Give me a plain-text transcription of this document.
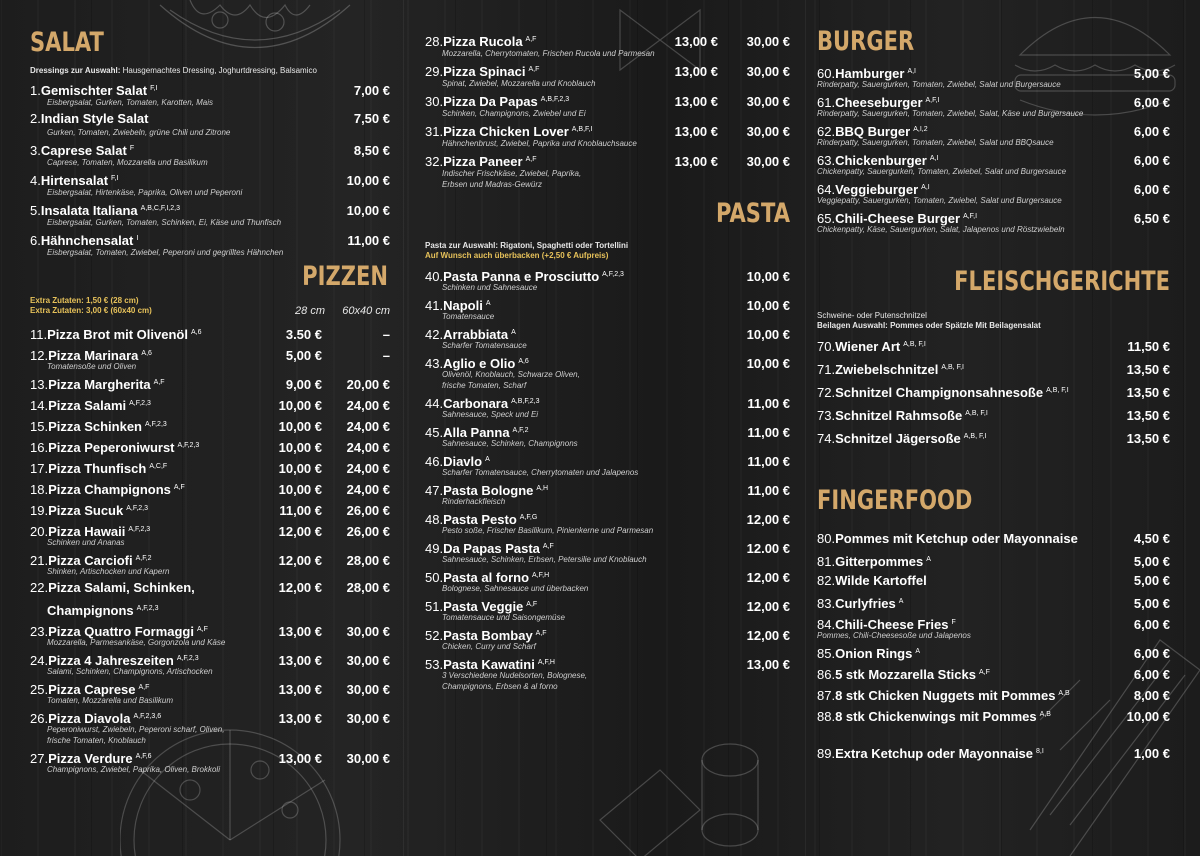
SALAT
Dressings zur Auswahl: Hausgemachtes Dressing, Joghurtdressing, Balsamico
1. Gemischter Salat $^{F,I}$	7,00 €
Eisbergsalat, Gurken, Tomaten, Karotten, Mais
2. Indian Style Salat	7,50 €
Gurken, Tomaten, Zwiebeln, grüne Chili und Zitrone
3. Caprese Salat $^F$	8,50 €
Caprese, Tomaten, Mozzarella und Basilikum
4. Hirtensalat $^{F,I}$	10,00 €
Eisbergsalat, Hirtenkäse, Paprika, Oliven und Peperoni
5. Insalata Italiana $^{A,B,C,F,I,2,3}$	10,00 €
Eisbergsalat, Gurken, Tomaten, Schinken, Ei, Käse und Thunfisch
6. Hähnchensalat $^I$	11,00 €
Eisbergsalat, Tomaten, Zwiebel, Peperoni und gegrilltes Hähnchen
PIZZEN
Extra Zutaten: 1,50 € (28 cm)
Extra Zutaten: 3,00 € (60x40 cm)	28 cm	60x40 cm
11. Pizza Brot mit Olivenöl $^{A,6}$	3.50 €	–
12. Pizza Marinara $^{A,6}$	5,00 €	–
Tomatensoße und Oliven
13. Pizza Margherita $^{A,F}$	9,00 €	20,00 €
14. Pizza Salami $^{A,F,2,3}$	10,00 €	24,00 €
15. Pizza Schinken $^{A,F,2,3}$	10,00 €	24,00 €
16. Pizza Peperoniwurst $^{A,F,2,3}$	10,00 €	24,00 €
17. Pizza Thunfisch $^{A,C,F}$	10,00 €	24,00 €
18. Pizza Champignons $^{A,F}$	10,00 €	24,00 €
19. Pizza Sucuk $^{A,F,2,3}$	11,00 €	26,00 €
20. Pizza Hawaii $^{A,F,2,3}$	12,00 €	26,00 €
Schinken und Ananas
21. Pizza Carciofi $^{A,F,2}$	12,00 €	28,00 €
Shinken, Artischocken und Kapern
22. Pizza Salami, Schinken,	12,00 €	28,00 €
Champignons $^{A,F,2,3}$
23. Pizza Quattro Formaggi $^{A,F}$	13,00 €	30,00 €
Mozzarella, Parmesankäse, Gorgonzola und Käse
24. Pizza 4 Jahreszeiten $^{A,F,2,3}$	13,00 €	30,00 €
Salami, Schinken, Champignons, Artischocken
25. Pizza Caprese $^{A,F}$	13,00 €	30,00 €
Tomaten, Mozzarella und Basilikum
26. Pizza Diavola $^{A,F,2,3,6}$	13,00 €	30,00 €
Peperoniwurst, Zwiebeln, Peperoni scharf, Oliven,
frische Tomaten, Knoblauch
27. Pizza Verdure $^{A,F,6}$	13,00 €	30,00 €
Champignons, Zwiebel, Paprika, Oliven, Brokkoli
28. Pizza Rucola $^{A,F}$	13,00 €	30,00 €
Mozzarella, Cherrytomaten, Frischen Rucola und Parmesan
29. Pizza Spinaci $^{A,F}$	13,00 €	30,00 €
Spinat, Zwiebel, Mozzarella und Knoblauch
30. Pizza Da Papas $^{A,B,F,2,3}$	13,00 €	30,00 €
Schinken, Champignons, Zwiebel und Ei
31. Pizza Chicken Lover $^{A,B,F,I}$	13,00 €	30,00 €
Hähnchenbrust, Zwiebel, Paprika und Knoblauchsauce
32. Pizza Paneer $^{A,F}$	13,00 €	30,00 €
Indischer Frischkäse, Zwiebel, Paprika,
Erbsen und Madras-Gewürz
PASTA
Pasta zur Auswahl: Rigatoni, Spaghetti oder Tortellini
Auf Wunsch auch überbacken (+2,50 € Aufpreis)
40. Pasta Panna e Prosciutto $^{A,F,2,3}$	10,00 €
Schinken und Sahnesauce
41. Napoli $^A$	10,00 €
Tomatensauce
42. Arrabbiata $^A$	10,00 €
Scharfer Tomatensauce
43. Aglio e Olio $^{A,6}$	10,00 €
Olivenöl, Knoblauch, Schwarze Oliven,
frische Tomaten, Scharf
44. Carbonara $^{A,B,F,2,3}$	11,00 €
Sahnesauce, Speck und Ei
45. Alla Panna $^{A,F,2}$	11,00 €
Sahnesauce, Schinken, Champignons
46. Diavlo $^A$	11,00 €
Scharfer Tomatensauce, Cherrytomaten und Jalapenos
47. Pasta Bologne $^{A,H}$	11,00 €
Rinderhackfleisch
48. Pasta Pesto $^{A,F,G}$	12,00 €
Pesto soße, Frischer Basilikum, Pinienkerne und Parmesan
49. Da Papas Pasta $^{A,F}$	12.00 €
Sahnesauce, Schinken, Erbsen, Petersilie und Knoblauch
50. Pasta al forno $^{A,F,H}$	12,00 €
Bolognese, Sahnesauce und überbacken
51. Pasta Veggie $^{A,F}$	12,00 €
Tomatensauce und Saisongemüse
52. Pasta Bombay $^{A,F}$	12,00 €
Chicken, Curry und Scharf
53. Pasta Kawatini $^{A,F,H}$	13,00 €
3 Verschiedene Nudelsorten, Bolognese,
Champignons, Erbsen & al forno
BURGER
60. Hamburger $^{A,I}$	5,00 €
Rinderpatty, Sauergurken, Tomaten, Zwiebel, Salat und Burgersauce
61. Cheeseburger $^{A,F,I}$	6,00 €
Rinderpatty, Sauergurken, Tomaten, Zwiebel, Salat, Käse und Burgersauce
62. BBQ Burger $^{A,I,2}$	6,00 €
Rinderpatty, Sauergurken, Tomaten, Zwiebel, Salat und BBQsauce
63. Chickenburger $^{A,I}$	6,00 €
Chickenpatty, Sauergurken, Tomaten, Zwiebel, Salat und Burgersauce
64. Veggieburger $^{A,I}$	6,00 €
Veggiepatty, Sauergurken, Tomaten, Zwiebel, Salat und Burgersauce
65. Chili-Cheese Burger $^{A,F,I}$	6,50 €
Chickenpatty, Käse, Sauergurken, Salat, Jalapenos und Röstzwiebeln
FLEISCHGERICHTE
Schweine- oder Putenschnitzel
Beilagen Auswahl: Pommes oder Spätzle Mit Beilagensalat
70. Wiener Art $^{A,B, F,I}$	11,50 €
71. Zwiebelschnitzel $^{A,B, F,I}$	13,50 €
72. Schnitzel Champignonsahnesoße $^{A,B, F,I}$	13,50 €
73. Schnitzel Rahmsoße $^{A,B, F,I}$	13,50 €
74. Schnitzel Jägersoße $^{A,B, F,I}$	13,50 €
FINGERFOOD
80. Pommes mit Ketchup oder Mayonnaise	4,50 €
81. Gitterpommes $^A$	5,00 €
82. Wilde Kartoffel	5,00 €
83. Curlyfries $^A$	5,00 €
84. Chili-Cheese Fries $^F$	6,00 €
Pommes, Chili-Cheesesoße und Jalapenos
85. Onion Rings $^A$	6,00 €
86. 5 stk Mozzarella Sticks $^{A,F}$	6,00 €
87. 8 stk Chicken Nuggets mit Pommes $^{A,B}$	8,00 €
88. 8 stk Chickenwings mit Pommes $^{A,B}$	10,00 €
89. Extra Ketchup oder Mayonnaise $^{8,I}$	1,00 €
